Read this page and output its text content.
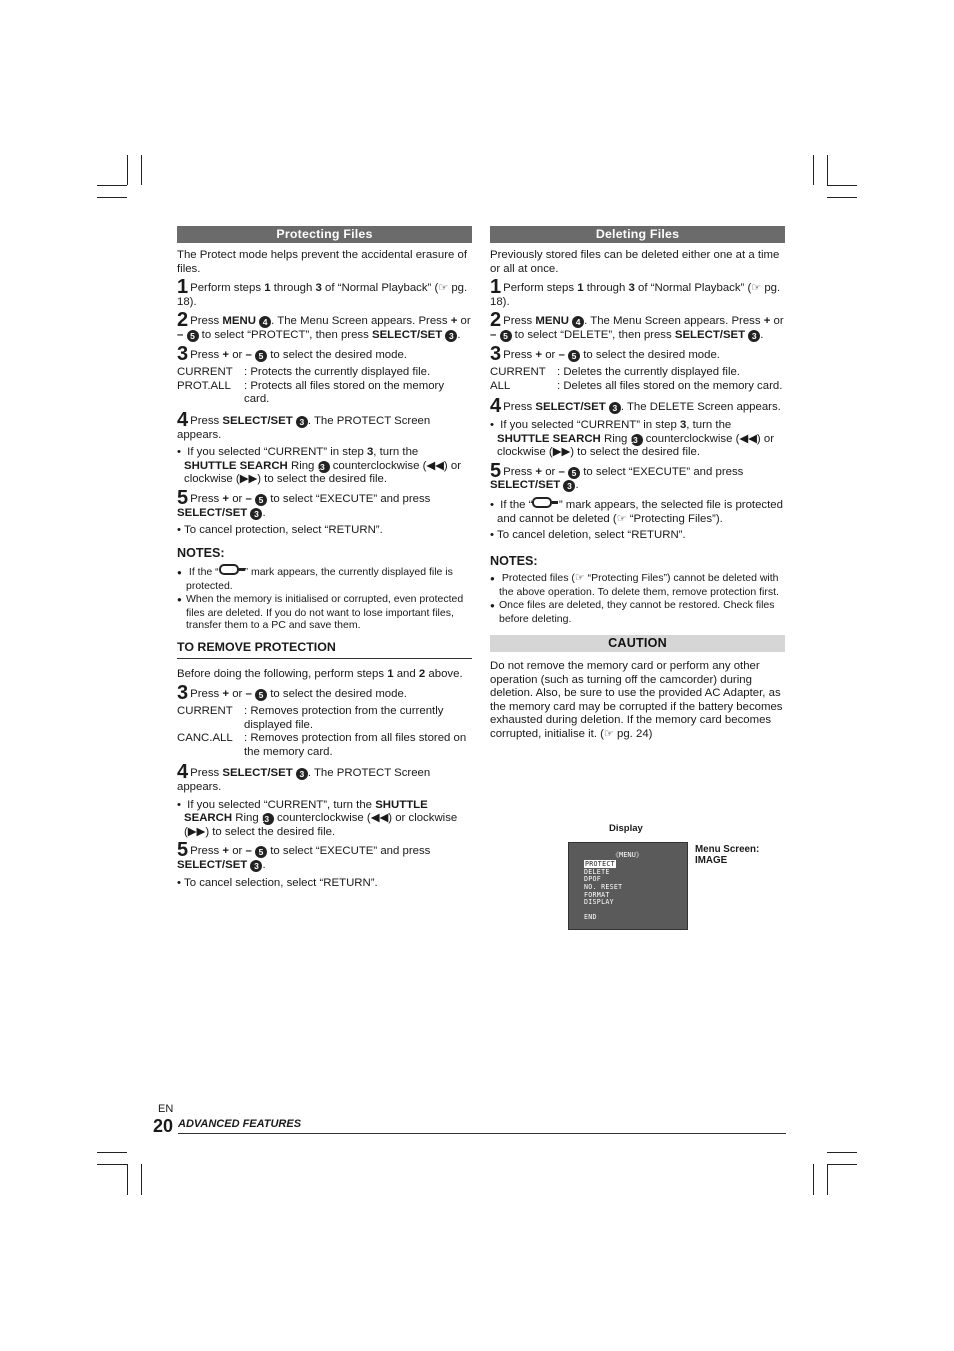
Protecting Files

The Protect mode helps prevent the accidental erasure of files.

1 Perform steps 1 through 3 of “Normal Playback” (☞ pg. 18).
2 Press MENU 4 . The Menu Screen appears. Press + or – 5 to select “PROTECT”, then press SELECT/SET 3 .
3 Press + or – 5 to select the desired mode.
CURRENT : Protects the currently displayed file.
PROT.ALL	: Protects all files stored on the memory card.
4 Press SELECT/SET 3 . The PROTECT Screen appears.
• If you selected “CURRENT” in step 3, turn the SHUTTLE SEARCH Ring 13 counterclockwise (◀◀) or clockwise (▶▶) to select the desired file.
5 Press + or – 5 to select “EXECUTE” and press SELECT/SET 3 .
• To cancel protection, select “RETURN”.
NOTES:
● If the “ ” mark appears, the currently displayed file is protected.
● When the memory is initialised or corrupted, even protected files are deleted. If you do not want to lose important files, transfer them to a PC and save them.
TO REMOVE PROTECTION

Before doing the following, perform steps 1 and 2 above.

3 Press + or – 5 to select the desired mode.
CURRENT : Removes protection from the currently displayed file.
CANC.ALL : Removes protection from all files stored on the memory card.
4 Press SELECT/SET 3 . The PROTECT Screen appears.
• If you selected “CURRENT”, turn the SHUTTLE SEARCH Ring 13 counterclockwise (◀◀) or clockwise (▶▶) to select the desired file.
5 Press + or – 5 to select “EXECUTE” and press SELECT/SET 3 .
• To cancel selection, select “RETURN”.
Deleting Files

Previously stored files can be deleted either one at a time or all at once.

1 Perform steps 1 through 3 of “Normal Playback” (☞ pg. 18).
2 Press MENU 4 . The Menu Screen appears. Press + or – 5 to select “DELETE”, then press SELECT/SET 3 .
3 Press + or – 5 to select the desired mode.
CURRENT : Deletes the currently displayed file.
ALL	: Deletes all files stored on the memory card.
4 Press SELECT/SET 3 . The DELETE Screen appears.
• If you selected “CURRENT” in step 3, turn the SHUTTLE SEARCH Ring 13 counterclockwise (◀◀) or clockwise (▶▶) to select the desired file.
5 Press + or – 5 to select “EXECUTE” and press SELECT/SET 3 .
• If the “ ” mark appears, the selected file is protected and cannot be deleted (☞ “Protecting Files”).
• To cancel deletion, select “RETURN”.
NOTES:
● Protected files (☞ “Protecting Files”) cannot be deleted with the above operation. To delete them, remove protection first.
● Once files are deleted, they cannot be restored. Check files before deleting.
CAUTION

Do not remove the memory card or perform any other operation (such as turning off the camcorder) during deletion. Also, be sure to use the provided AC Adapter, as the memory card may be corrupted if the battery becomes exhausted during deletion. If the memory card becomes corrupted, initialise it. (☞ pg. 24)

Display
《MENU》
PROTECT
DELETE
DPOF
NO. RESET
FORMAT
DISPLAY
END
Menu Screen:
IMAGE
EN
20 ADVANCED FEATURES
